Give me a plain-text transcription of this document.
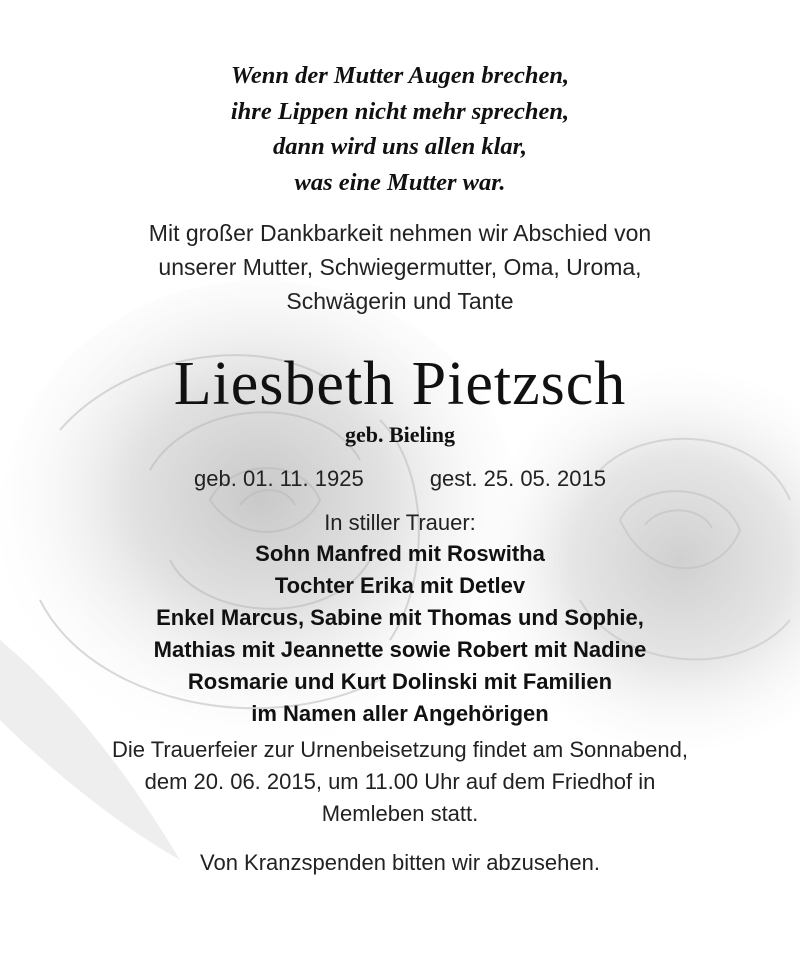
Wenn der Mutter Augen brechen,
ihre Lippen nicht mehr sprechen,
dann wird uns allen klar,
was eine Mutter war.
Mit großer Dankbarkeit nehmen wir Abschied von
unserer Mutter, Schwiegermutter, Oma, Uroma,
Schwägerin und Tante
Liesbeth Pietzsch
geb. Bieling
geb. 01. 11. 1925	gest. 25. 05. 2015
In stiller Trauer:
Sohn Manfred mit Roswitha
Tochter Erika mit Detlev
Enkel Marcus, Sabine mit Thomas und Sophie,
Mathias mit Jeannette sowie Robert mit Nadine
Rosmarie und Kurt Dolinski mit Familien
im Namen aller Angehörigen
Die Trauerfeier zur Urnenbeisetzung findet am Sonnabend,
dem 20. 06. 2015, um 11.00 Uhr auf dem Friedhof in
Memleben statt.
Von Kranzspenden bitten wir abzusehen.
